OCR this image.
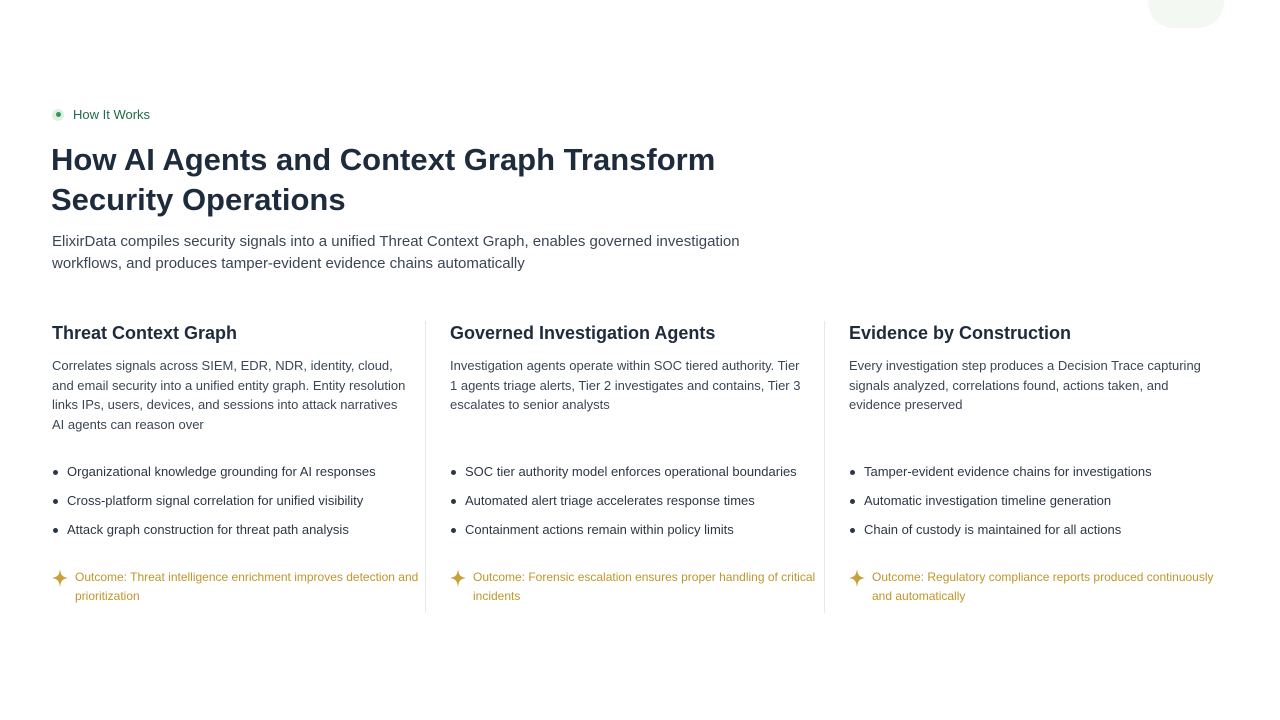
How It Works
How AI Agents and Context Graph Transform Security Operations

ElixirData compiles security signals into a unified Threat Context Graph, enables governed investigation workflows, and produces tamper-evident evidence chains automatically

Threat Context Graph

Correlates signals across SIEM, EDR, NDR, identity, cloud, and email security into a unified entity graph. Entity resolution links IPs, users, devices, and sessions into attack narratives AI agents can reason over

Organizational knowledge grounding for AI responses
Cross-platform signal correlation for unified visibility
Attack graph construction for threat path analysis
Governed Investigation Agents

Investigation agents operate within SOC tiered authority. Tier 1 agents triage alerts, Tier 2 investigates and contains, Tier 3 escalates to senior analysts

SOC tier authority model enforces operational boundaries
Automated alert triage accelerates response times
Containment actions remain within policy limits
Evidence by Construction

Every investigation step produces a Decision Trace capturing signals analyzed, correlations found, actions taken, and evidence preserved

Tamper-evident evidence chains for investigations
Automatic investigation timeline generation
Chain of custody is maintained for all actions
Outcome: Threat intelligence enrichment improves detection and prioritization
Outcome: Forensic escalation ensures proper handling of critical incidents
Outcome: Regulatory compliance reports produced continuously and automatically
